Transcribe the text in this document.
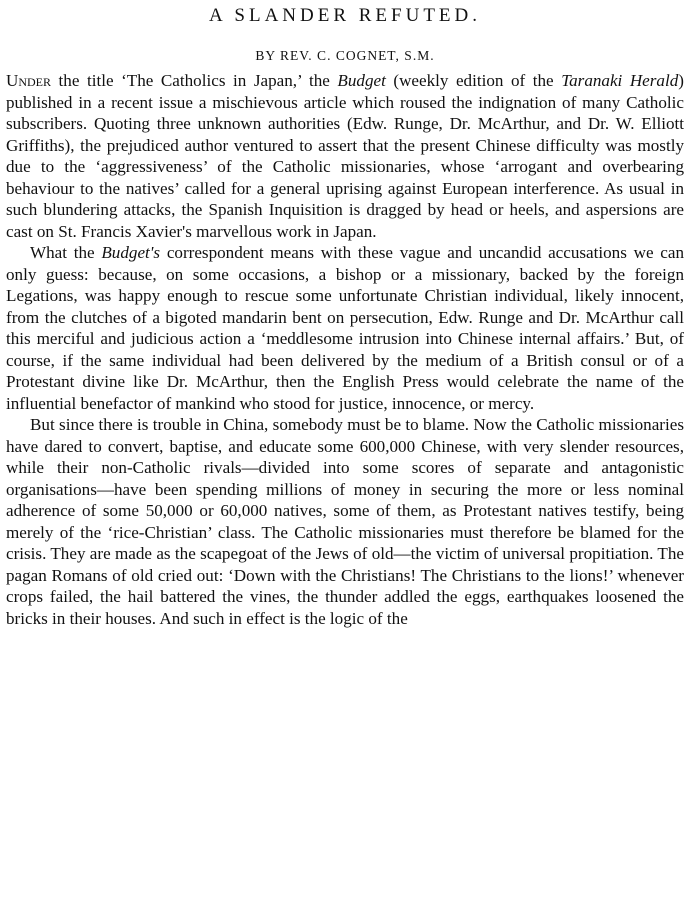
A SLANDER REFUTED.
BY REV. C. COGNET, S.M.

Under the title ‘The Catholics in Japan,’ the Budget (weekly edition of the Taranaki Herald) published in a recent issue a mischievous article which roused the indignation of many Catholic subscribers. Quoting three unknown authorities (Edw. Runge, Dr. McArthur, and Dr. W. Elliott Griffiths), the prejudiced author ventured to assert that the present Chinese difficulty was mostly due to the ‘aggressiveness’ of the Catholic missionaries, whose ‘arrogant and overbearing behaviour to the natives’ called for a general uprising against European interference. As usual in such blundering attacks, the Spanish Inquisition is dragged by head or heels, and aspersions are cast on St. Francis Xavier's marvellous work in Japan.

What the Budget's correspondent means with these vague and uncandid accusations we can only guess: because, on some occasions, a bishop or a missionary, backed by the foreign Legations, was happy enough to rescue some unfortunate Christian individual, likely innocent, from the clutches of a bigoted mandarin bent on persecution, Edw. Runge and Dr. McArthur call this merciful and judicious action a ‘meddlesome intrusion into Chinese internal affairs.’ But, of course, if the same individual had been delivered by the medium of a British consul or of a Protestant divine like Dr. McArthur, then the English Press would celebrate the name of the influential benefactor of mankind who stood for justice, innocence, or mercy.

But since there is trouble in China, somebody must be to blame. Now the Catholic missionaries have dared to convert, baptise, and educate some 600,000 Chinese, with very slender resources, while their non-Catholic rivals—divided into some scores of separate and antagonistic organisations—have been spending millions of money in securing the more or less nominal adherence of some 50,000 or 60,000 natives, some of them, as Protestant natives testify, being merely of the ‘rice-Christian’ class. The Catholic missionaries must therefore be blamed for the crisis. They are made as the scapegoat of the Jews of old—the victim of universal propitiation. The pagan Romans of old cried out: ‘Down with the Christians! The Christians to the lions!’ whenever crops failed, the hail battered the vines, the thunder addled the eggs, earthquakes loosened the bricks in their houses. And such in effect is the logic of the
